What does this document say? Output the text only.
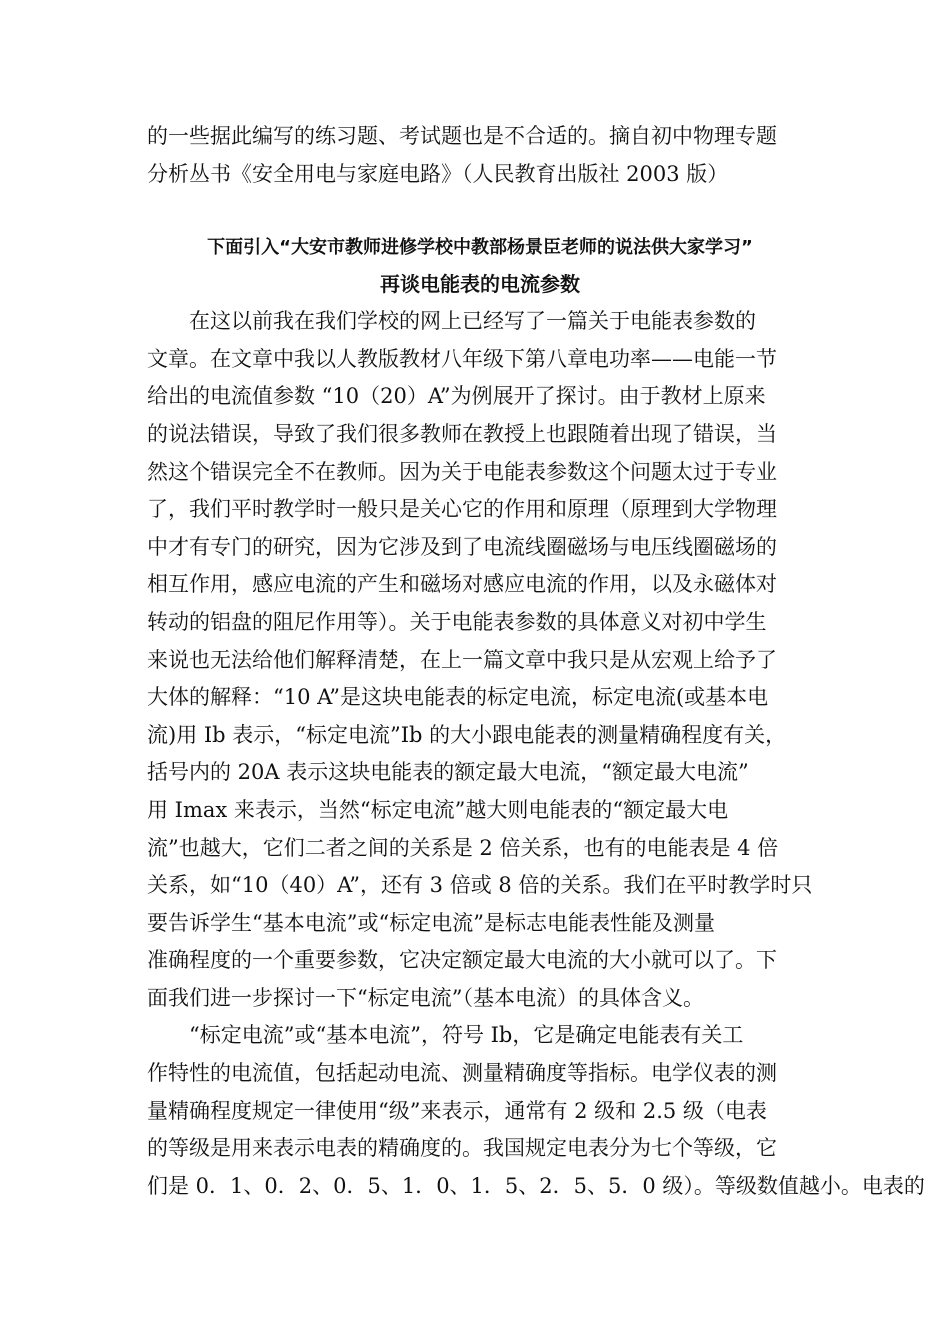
的一些据此编写的练习题、考试题也是不合适的。摘自初中物理专题
分析丛书《安全用电与家庭电路》（人民教育出版社 2003 版）

下面引入“大安市教师进修学校中教部杨景臣老师的说法供大家学习”
再谈电能表的电流参数

在这以前我在我们学校的网上已经写了一篇关于电能表参数的
文章。在文章中我以人教版教材八年级下第八章电功率——电能一节
给出的电流值参数 “10（20）A”为例展开了探讨。由于教材上原来
的说法错误，导致了我们很多教师在教授上也跟随着出现了错误，当
然这个错误完全不在教师。因为关于电能表参数这个问题太过于专业
了，我们平时教学时一般只是关心它的作用和原理（原理到大学物理
中才有专门的研究，因为它涉及到了电流线圈磁场与电压线圈磁场的
相互作用，感应电流的产生和磁场对感应电流的作用，以及永磁体对
转动的铝盘的阻尼作用等）。关于电能表参数的具体意义对初中学生
来说也无法给他们解释清楚，在上一篇文章中我只是从宏观上给予了
大体的解释：“10 A”是这块电能表的标定电流，标定电流(或基本电
流)用 Ib 表示，“标定电流”Ib 的大小跟电能表的测量精确程度有关，
括号内的 20A 表示这块电能表的额定最大电流，“额定最大电流”
用 Imax 来表示，当然“标定电流”越大则电能表的“额定最大电
流”也越大，它们二者之间的关系是 2 倍关系，也有的电能表是 4 倍
关系，如“10（40）A”，还有 3 倍或 8 倍的关系。我们在平时教学时只
要告诉学生“基本电流”或“标定电流”是标志电能表性能及测量
准确程度的一个重要参数，它决定额定最大电流的大小就可以了。下
面我们进一步探讨一下“标定电流”（基本电流）的具体含义。

“标定电流”或“基本电流”，符号 Ib，它是确定电能表有关工
作特性的电流值，包括起动电流、测量精确度等指标。电学仪表的测
量精确程度规定一律使用“级”来表示，通常有 2 级和 2.5 级（电表
的等级是用来表示电表的精确度的。我国规定电表分为七个等级，它
们是 0．1、0．2、0．5、1．0、1．5、2．5、5．0 级）。等级数值越小。电表的
